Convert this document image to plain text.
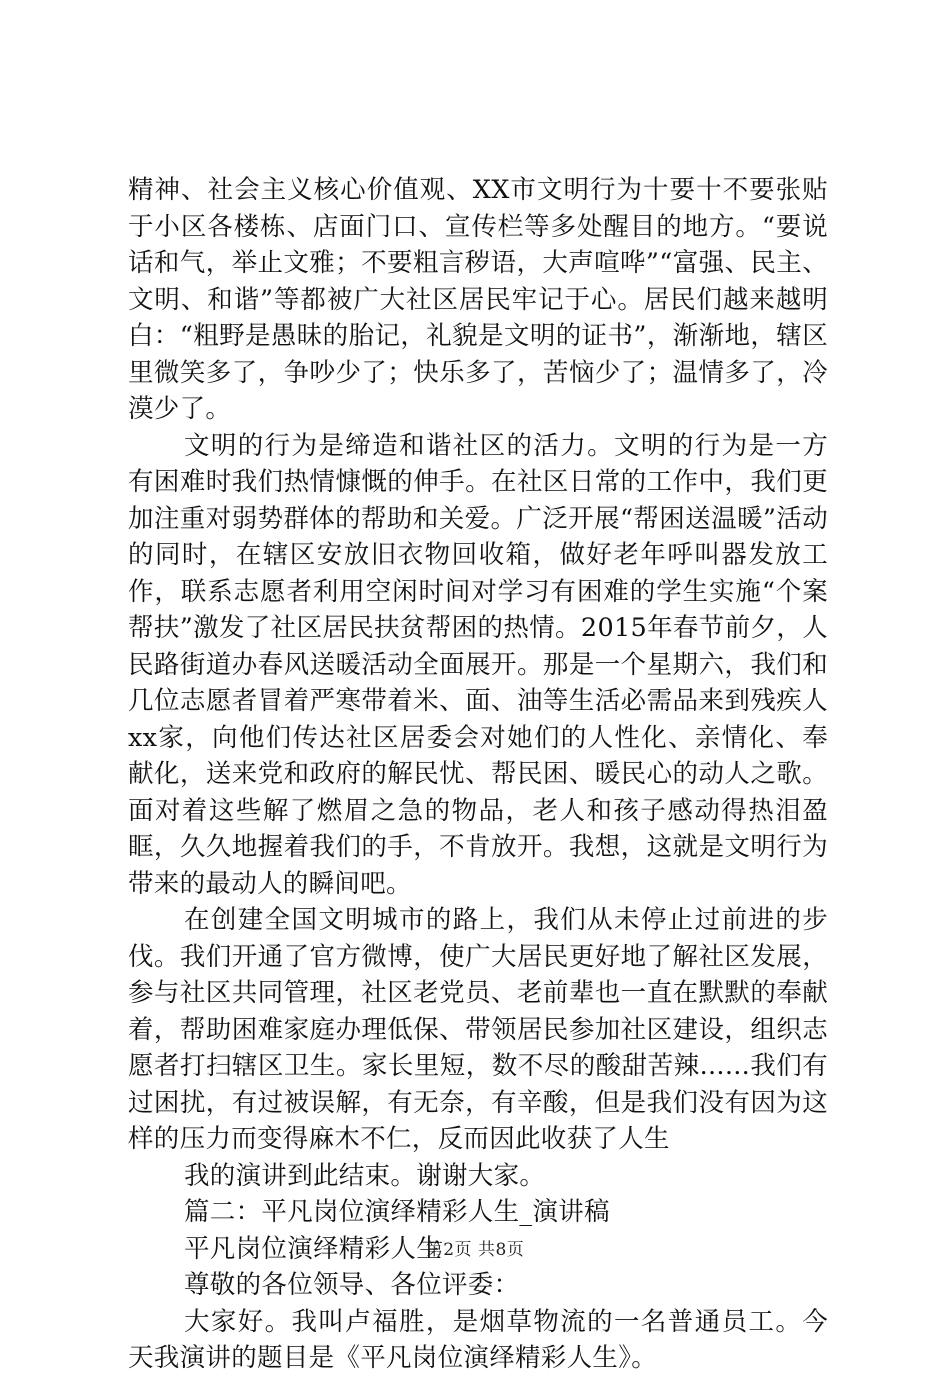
精神、社会主义核心价值观、XX市文明行为十要十不要张贴于小区各楼栋、店面门口、宣传栏等多处醒目的地方。“要说话和气，举止文雅；不要粗言秽语，大声喧哗”“富强、民主、文明、和谐”等都被广大社区居民牢记于心。居民们越来越明白：“粗野是愚昧的胎记，礼貌是文明的证书”，渐渐地，辖区里微笑多了，争吵少了；快乐多了，苦恼少了；温情多了，冷漠少了。

文明的行为是缔造和谐社区的活力。文明的行为是一方有困难时我们热情慷慨的伸手。在社区日常的工作中，我们更加注重对弱势群体的帮助和关爱。广泛开展“帮困送温暖”活动的同时，在辖区安放旧衣物回收箱，做好老年呼叫器发放工作，联系志愿者利用空闲时间对学习有困难的学生实施“个案帮扶”激发了社区居民扶贫帮困的热情。2015年春节前夕，人民路街道办春风送暖活动全面展开。那是一个星期六，我们和几位志愿者冒着严寒带着米、面、油等生活必需品来到残疾人xx家，向他们传达社区居委会对她们的人性化、亲情化、奉献化，送来党和政府的解民忧、帮民困、暖民心的动人之歌。面对着这些解了燃眉之急的物品，老人和孩子感动得热泪盈眶，久久地握着我们的手，不肯放开。我想，这就是文明行为带来的最动人的瞬间吧。

在创建全国文明城市的路上，我们从未停止过前进的步伐。我们开通了官方微博，使广大居民更好地了解社区发展，参与社区共同管理，社区老党员、老前辈也一直在默默的奉献着，帮助困难家庭办理低保、带领居民参加社区建设，组织志愿者打扫辖区卫生。家长里短，数不尽的酸甜苦辣......我们有过困扰，有过被误解，有无奈，有辛酸，但是我们没有因为这样的压力而变得麻木不仁，反而因此收获了人生

我的演讲到此结束。谢谢大家。

篇二：平凡岗位演绎精彩人生_演讲稿

平凡岗位演绎精彩人生

尊敬的各位领导、各位评委：

大家好。我叫卢福胜，是烟草物流的一名普通员工。今天我演讲的题目是《平凡岗位演绎精彩人生》。

第2页 共8页
